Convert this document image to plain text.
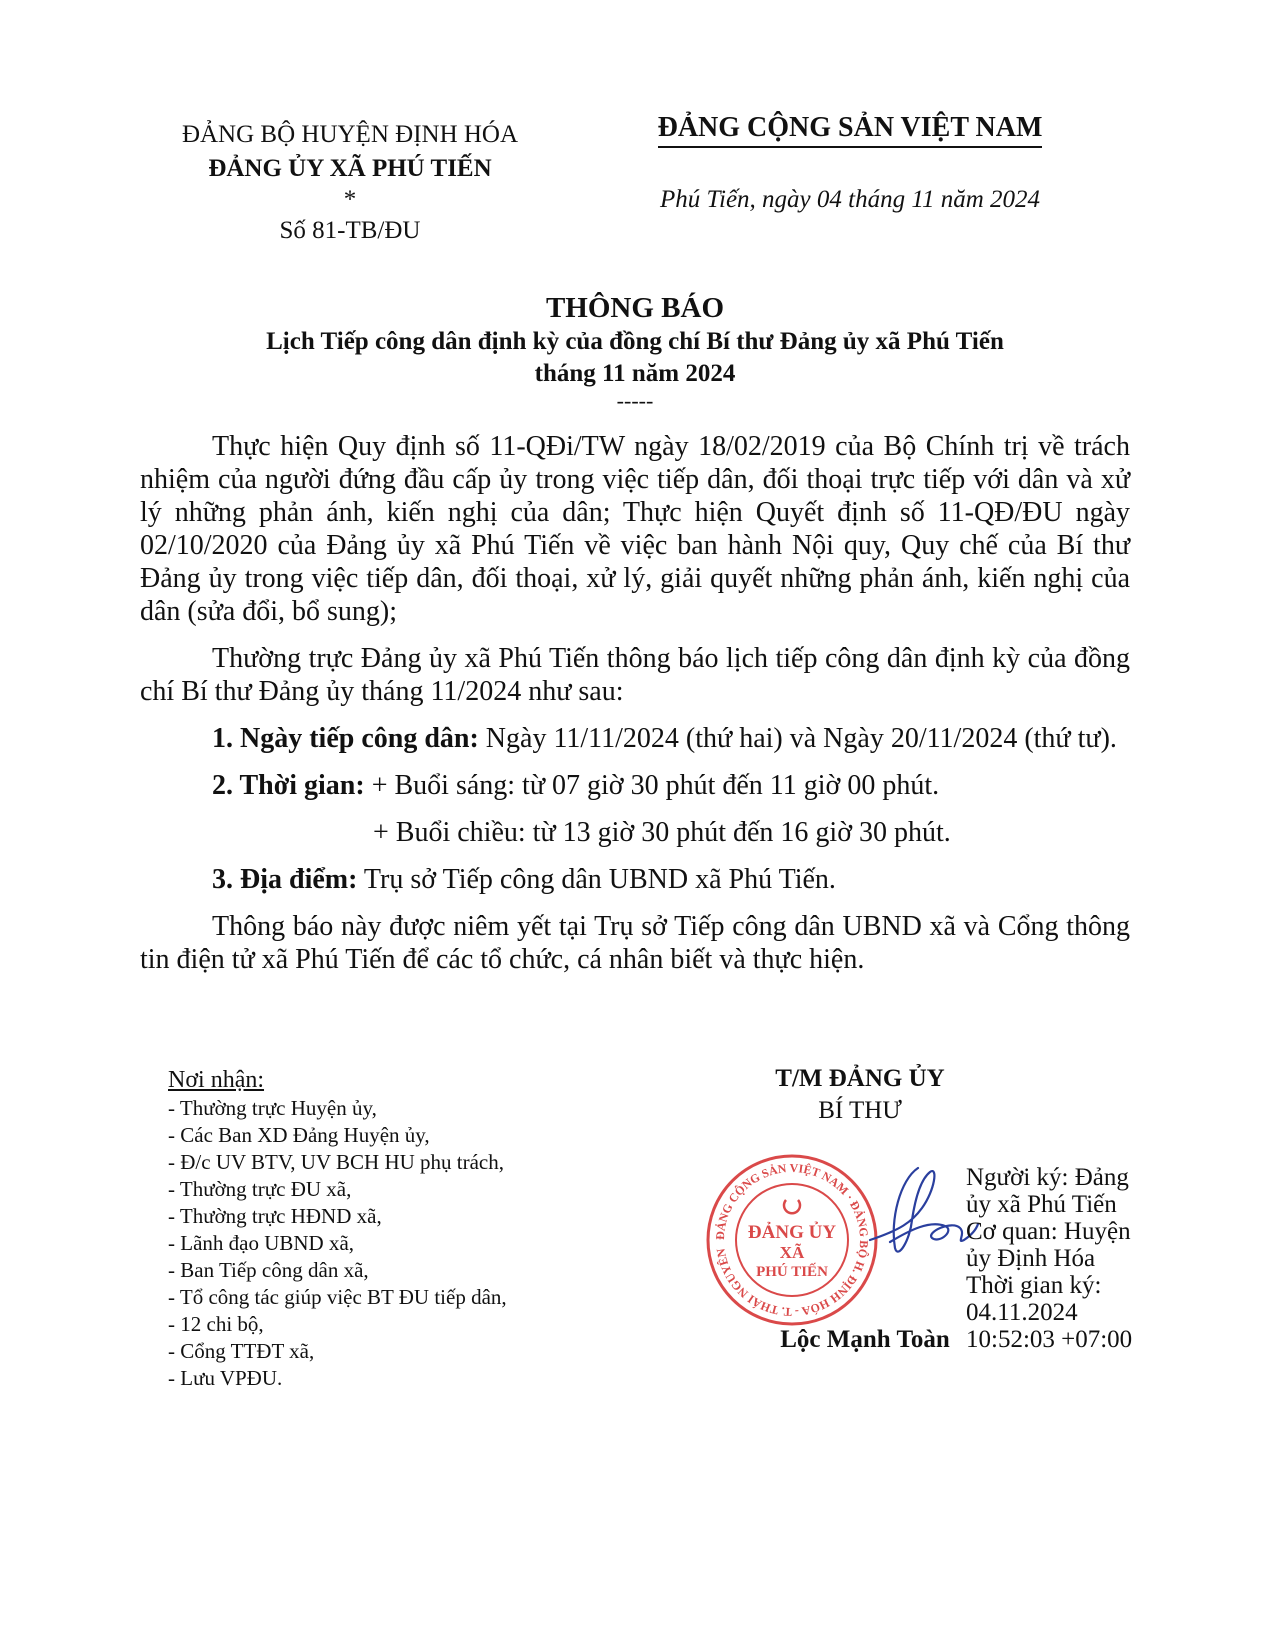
ĐẢNG BỘ HUYỆN ĐỊNH HÓA
ĐẢNG ỦY XÃ PHÚ TIẾN
*
Số 81-TB/ĐU
ĐẢNG CỘNG SẢN VIỆT NAM
Phú Tiến, ngày 04 tháng 11 năm 2024
THÔNG BÁO
Lịch Tiếp công dân định kỳ của đồng chí Bí thư Đảng ủy xã Phú Tiến
tháng 11 năm 2024
-----

Thực hiện Quy định số 11-QĐi/TW ngày 18/02/2019 của Bộ Chính trị về trách nhiệm của người đứng đầu cấp ủy trong việc tiếp dân, đối thoại trực tiếp với dân và xử lý những phản ánh, kiến nghị của dân; Thực hiện Quyết định số 11-QĐ/ĐU ngày 02/10/2020 của Đảng ủy xã Phú Tiến về việc ban hành Nội quy, Quy chế của Bí thư Đảng ủy trong việc tiếp dân, đối thoại, xử lý, giải quyết những phản ánh, kiến nghị của dân (sửa đổi, bổ sung);

Thường trực Đảng ủy xã Phú Tiến thông báo lịch tiếp công dân định kỳ của đồng chí Bí thư Đảng ủy tháng 11/2024 như sau:

1. Ngày tiếp công dân: Ngày 11/11/2024 (thứ hai) và Ngày 20/11/2024 (thứ tư).

2. Thời gian: + Buổi sáng: từ 07 giờ 30 phút đến 11 giờ 00 phút.

+ Buổi chiều: từ 13 giờ 30 phút đến 16 giờ 30 phút.

3. Địa điểm: Trụ sở Tiếp công dân UBND xã Phú Tiến.

Thông báo này được niêm yết tại Trụ sở Tiếp công dân UBND xã và Cổng thông tin điện tử xã Phú Tiến để các tổ chức, cá nhân biết và thực hiện.

Nơi nhận:
- Thường trực Huyện ủy,
- Các Ban XD Đảng Huyện ủy,
- Đ/c UV BTV, UV BCH HU phụ trách,
- Thường trực ĐU xã,
- Thường trực HĐND xã,
- Lãnh đạo UBND xã,
- Ban Tiếp công dân xã,
- Tổ công tác giúp việc BT ĐU tiếp dân,
- 12 chi bộ,
- Cổng TTĐT xã,
- Lưu VPĐU.
T/M ĐẢNG ỦY
BÍ THƯ
ĐẢNG CỘNG SẢN VIỆT NAM · ĐẢNG BỘ H. ĐỊNH HÓA - T. THÁI NGUYÊN
ĐẢNG ỦY
XÃ
PHÚ TIẾN
Người ký: Đảng
ủy xã Phú Tiến
Cơ quan: Huyện
ủy Định Hóa
Thời gian ký:
04.11.2024
10:52:03 +07:00
Lộc Mạnh Toàn
